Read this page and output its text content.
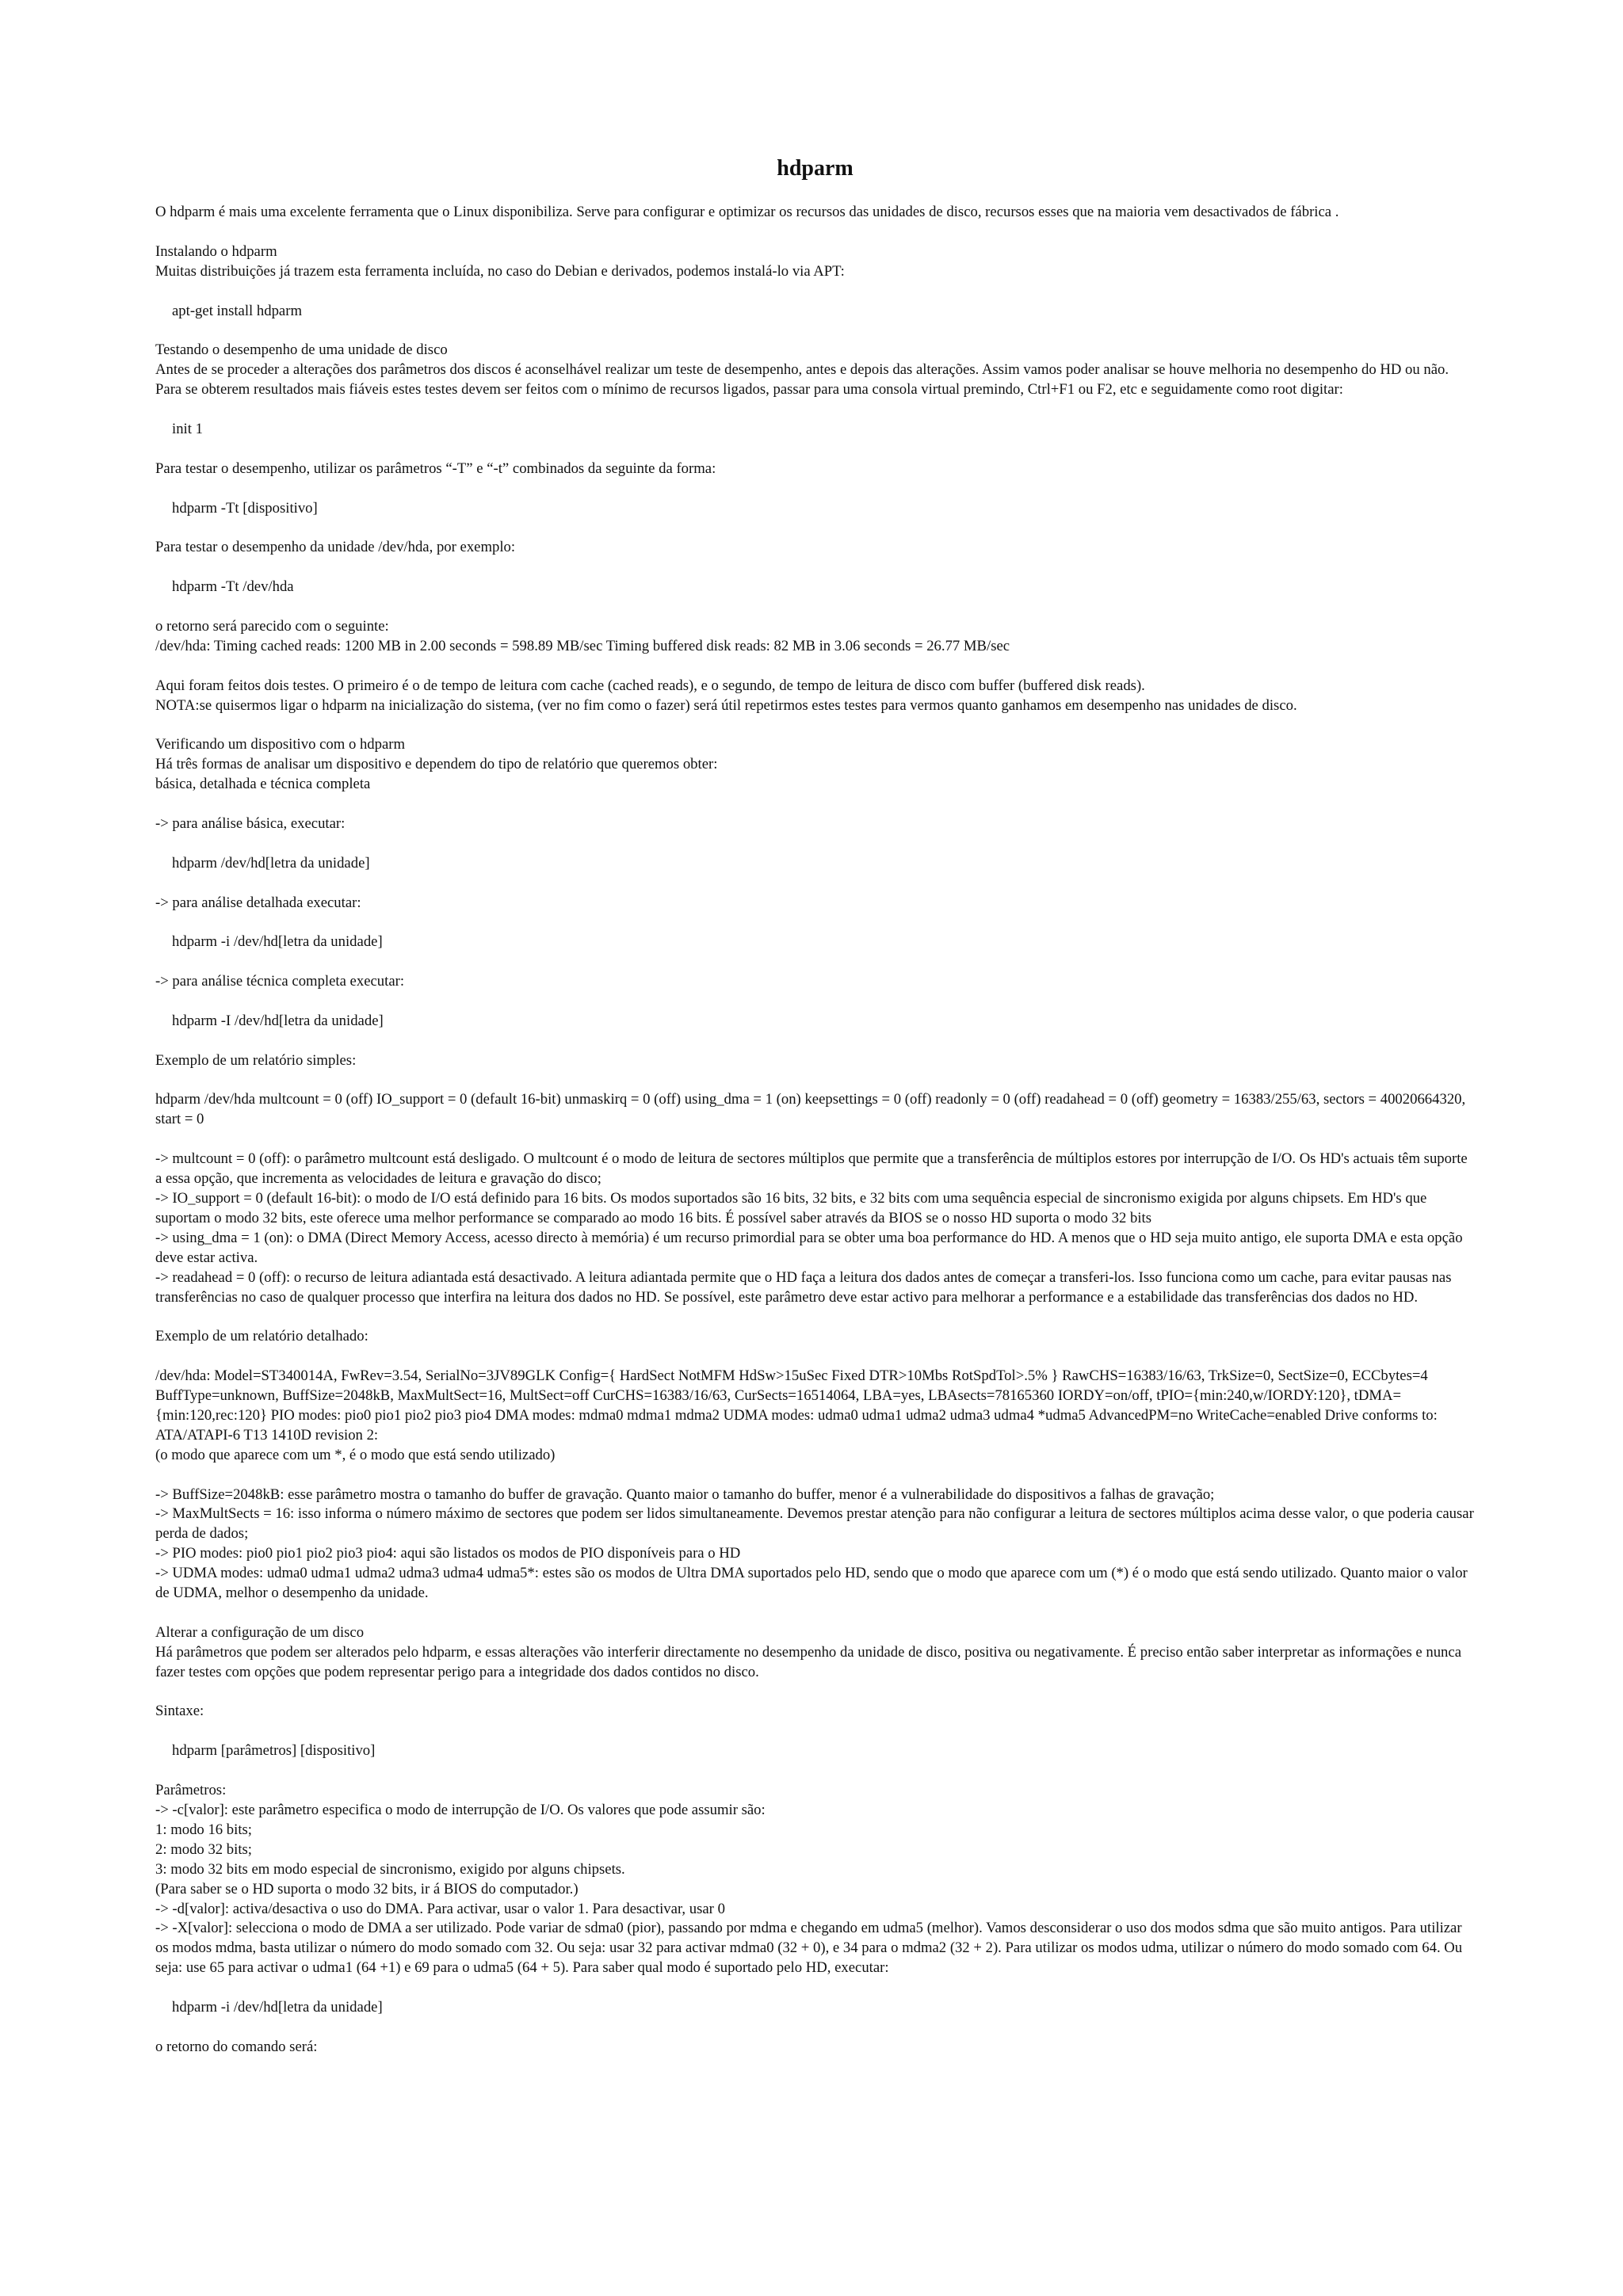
hdparm

O hdparm é mais uma excelente ferramenta que o Linux disponibiliza. Serve para configurar e optimizar os recursos das unidades de disco, recursos esses que na maioria vem desactivados de fábrica .

Instalando o hdparm

Muitas distribuições já trazem esta ferramenta incluída, no caso do Debian e derivados, podemos instalá-lo via APT:

apt-get install hdparm

Testando o desempenho de uma unidade de disco

Antes de se proceder a alterações dos parâmetros dos discos é aconselhável realizar um teste de desempenho, antes e depois das alterações. Assim vamos poder analisar se houve melhoria no desempenho do HD ou não.

Para se obterem resultados mais fiáveis estes testes devem ser feitos com o mínimo de recursos ligados, passar para uma consola virtual premindo, Ctrl+F1 ou F2, etc e seguidamente como root digitar:

init 1

Para testar o desempenho, utilizar os parâmetros “-T” e “-t” combinados da seguinte da forma:

hdparm -Tt [dispositivo]

Para testar o desempenho da unidade /dev/hda, por exemplo:

hdparm -Tt /dev/hda

o retorno será parecido com o seguinte:

/dev/hda: Timing cached reads: 1200 MB in 2.00 seconds = 598.89 MB/sec Timing buffered disk reads: 82 MB in 3.06 seconds = 26.77 MB/sec

Aqui foram feitos dois testes. O primeiro é o de tempo de leitura com cache (cached reads), e o segundo, de tempo de leitura de disco com buffer (buffered disk reads).

NOTA:se quisermos ligar o hdparm na inicialização do sistema, (ver no fim como o fazer) será útil repetirmos estes testes para vermos quanto ganhamos em desempenho nas unidades de disco.

Verificando um dispositivo com o hdparm

Há três formas de analisar um dispositivo e dependem do tipo de relatório que queremos obter:

básica, detalhada e técnica completa

-> para análise básica, executar:

hdparm /dev/hd[letra da unidade]

-> para análise detalhada executar:

hdparm -i /dev/hd[letra da unidade]

-> para análise técnica completa executar:

hdparm -I /dev/hd[letra da unidade]

Exemplo de um relatório simples:

hdparm /dev/hda multcount = 0 (off) IO_support = 0 (default 16-bit) unmaskirq = 0 (off) using_dma = 1 (on) keepsettings = 0 (off) readonly = 0 (off) readahead = 0 (off) geometry = 16383/255/63, sectors = 40020664320, start = 0

-> multcount = 0 (off): o parâmetro multcount está desligado. O multcount é o modo de leitura de sectores múltiplos que permite que a transferência de múltiplos estores por interrupção de I/O. Os HD's actuais têm suporte a essa opção, que incrementa as velocidades de leitura e gravação do disco;

-> IO_support = 0 (default 16-bit): o modo de I/O está definido para 16 bits. Os modos suportados são 16 bits, 32 bits, e 32 bits com uma sequência especial de sincronismo exigida por alguns chipsets. Em HD's que suportam o modo 32 bits, este oferece uma melhor performance se comparado ao modo 16 bits. É possível saber através da BIOS se o nosso HD suporta o modo 32 bits

-> using_dma = 1 (on): o DMA (Direct Memory Access, acesso directo à memória) é um recurso primordial para se obter uma boa performance do HD. A menos que o HD seja muito antigo, ele suporta DMA e esta opção deve estar activa.

-> readahead = 0 (off): o recurso de leitura adiantada está desactivado. A leitura adiantada permite que o HD faça a leitura dos dados antes de começar a transferi-los. Isso funciona como um cache, para evitar pausas nas transferências no caso de qualquer processo que interfira na leitura dos dados no HD. Se possível, este parâmetro deve estar activo para melhorar a performance e a estabilidade das transferências dos dados no HD.

Exemplo de um relatório detalhado:

/dev/hda: Model=ST340014A, FwRev=3.54, SerialNo=3JV89GLK Config={ HardSect NotMFM HdSw>15uSec Fixed DTR>10Mbs RotSpdTol>.5% } RawCHS=16383/16/63, TrkSize=0, SectSize=0, ECCbytes=4 BuffType=unknown, BuffSize=2048kB, MaxMultSect=16, MultSect=off CurCHS=16383/16/63, CurSects=16514064, LBA=yes, LBAsects=78165360 IORDY=on/off, tPIO={min:240,w/IORDY:120}, tDMA={min:120,rec:120} PIO modes: pio0 pio1 pio2 pio3 pio4 DMA modes: mdma0 mdma1 mdma2 UDMA modes: udma0 udma1 udma2 udma3 udma4 *udma5 AdvancedPM=no WriteCache=enabled Drive conforms to: ATA/ATAPI-6 T13 1410D revision 2:

(o modo que aparece com um *, é o modo que está sendo utilizado)

-> BuffSize=2048kB: esse parâmetro mostra o tamanho do buffer de gravação. Quanto maior o tamanho do buffer, menor é a vulnerabilidade do dispositivos a falhas de gravação;

-> MaxMultSects = 16: isso informa o número máximo de sectores que podem ser lidos simultaneamente. Devemos prestar atenção para não configurar a leitura de sectores múltiplos acima desse valor, o que poderia causar perda de dados;

-> PIO modes: pio0 pio1 pio2 pio3 pio4: aqui são listados os modos de PIO disponíveis para o HD

-> UDMA modes: udma0 udma1 udma2 udma3 udma4 udma5*: estes são os modos de Ultra DMA suportados pelo HD, sendo que o modo que aparece com um (*) é o modo que está sendo utilizado. Quanto maior o valor de UDMA, melhor o desempenho da unidade.

Alterar a configuração de um disco

Há parâmetros que podem ser alterados pelo hdparm, e essas alterações vão interferir directamente no desempenho da unidade de disco, positiva ou negativamente. É preciso então saber interpretar as informações e nunca fazer testes com opções que podem representar perigo para a integridade dos dados contidos no disco.

Sintaxe:

hdparm [parâmetros] [dispositivo]

Parâmetros:

-> -c[valor]: este parâmetro especifica o modo de interrupção de I/O. Os valores que pode assumir são:

1: modo 16 bits;

2: modo 32 bits;

3: modo 32 bits em modo especial de sincronismo, exigido por alguns chipsets.

(Para saber se o HD suporta o modo 32 bits, ir á BIOS do computador.)

-> -d[valor]: activa/desactiva o uso do DMA. Para activar, usar o valor 1. Para desactivar, usar 0

-> -X[valor]: selecciona o modo de DMA a ser utilizado. Pode variar de sdma0 (pior), passando por mdma e chegando em udma5 (melhor). Vamos desconsiderar o uso dos modos sdma que são muito antigos. Para utilizar os modos mdma, basta utilizar o número do modo somado com 32. Ou seja: usar 32 para activar mdma0 (32 + 0), e 34 para o mdma2 (32 + 2). Para utilizar os modos udma, utilizar o número do modo somado com 64. Ou seja: use 65 para activar o udma1 (64 +1) e 69 para o udma5 (64 + 5). Para saber qual modo é suportado pelo HD, executar:

hdparm -i /dev/hd[letra da unidade]

o retorno do comando será:
